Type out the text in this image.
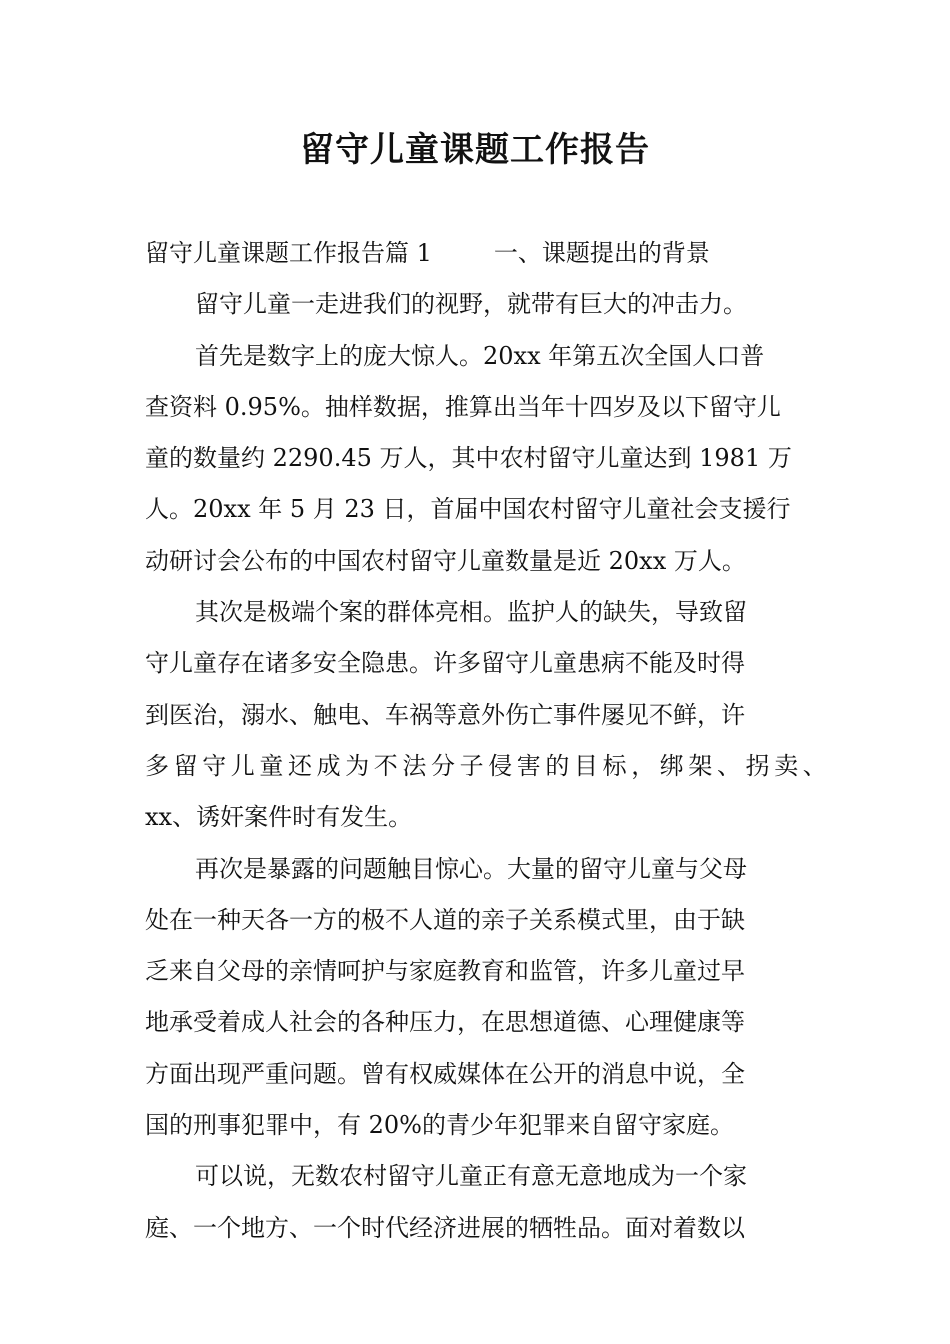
留守儿童课题工作报告
留守儿童课题工作报告篇 1	一、课题提出的背景
留守儿童一走进我们的视野，就带有巨大的冲击力。
首先是数字上的庞大惊人。20xx 年第五次全国人口普
查资料 0.95%。抽样数据，推算出当年十四岁及以下留守儿
童的数量约 2290.45 万人，其中农村留守儿童达到 1981 万
人。20xx 年 5 月 23 日，首届中国农村留守儿童社会支援行
动研讨会公布的中国农村留守儿童数量是近 20xx 万人。
其次是极端个案的群体亮相。监护人的缺失，导致留
守儿童存在诸多安全隐患。许多留守儿童患病不能及时得
到医治，溺水、触电、车祸等意外伤亡事件屡见不鲜，许
多留守儿童还成为不法分子侵害的目标，绑架、拐卖、
xx、诱奸案件时有发生。
再次是暴露的问题触目惊心。大量的留守儿童与父母
处在一种天各一方的极不人道的亲子关系模式里，由于缺
乏来自父母的亲情呵护与家庭教育和监管，许多儿童过早
地承受着成人社会的各种压力，在思想道德、心理健康等
方面出现严重问题。曾有权威媒体在公开的消息中说，全
国的刑事犯罪中，有 20%的青少年犯罪来自留守家庭。
可以说，无数农村留守儿童正有意无意地成为一个家
庭、一个地方、一个时代经济进展的牺牲品。面对着数以
